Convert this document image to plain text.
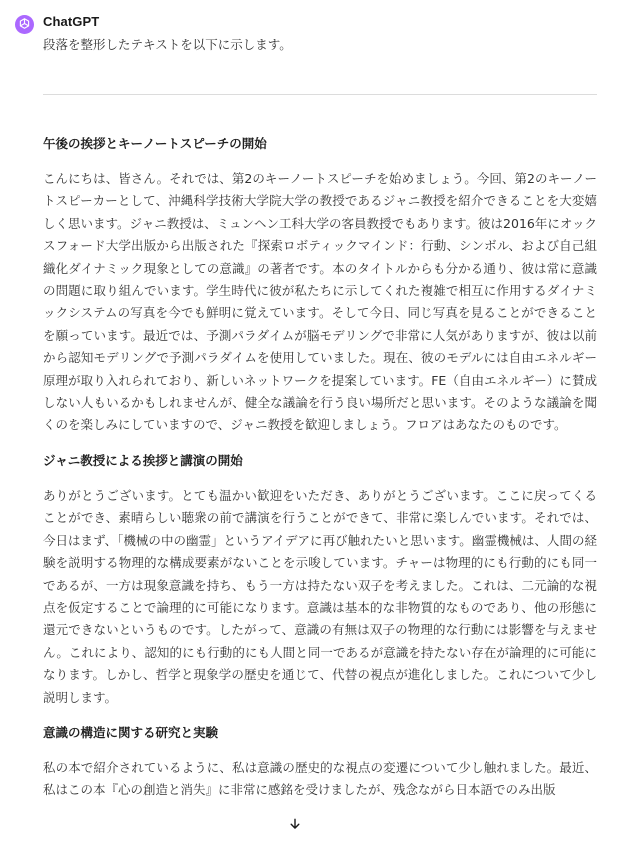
ChatGPT
段落を整形したテキストを以下に示します。
午後の挨拶とキーノートスピーチの開始

こんにちは、皆さん。それでは、第2のキーノートスピーチを始めましょう。今回、第2のキーノートスピーカーとして、沖縄科学技術大学院大学の教授であるジャニ教授を紹介できることを大変嬉しく思います。ジャニ教授は、ミュンヘン工科大学の客員教授でもあります。彼は2016年にオックスフォード大学出版から出版された『探索ロボティックマインド：行動、シンボル、および自己組織化ダイナミック現象としての意識』の著者です。本のタイトルからも分かる通り、彼は常に意識の問題に取り組んでいます。学生時代に彼が私たちに示してくれた複雑で相互に作用するダイナミックシステムの写真を今でも鮮明に覚えています。そして今日、同じ写真を見ることができることを願っています。最近では、予測パラダイムが脳モデリングで非常に人気がありますが、彼は以前から認知モデリングで予測パラダイムを使用していました。現在、彼のモデルには自由エネルギー原理が取り入れられており、新しいネットワークを提案しています。FE（自由エネルギー）に賛成しない人もいるかもしれませんが、健全な議論を行う良い場所だと思います。そのような議論を聞くのを楽しみにしていますので、ジャニ教授を歓迎しましょう。フロアはあなたのものです。

ジャニ教授による挨拶と講演の開始

ありがとうございます。とても温かい歓迎をいただき、ありがとうございます。ここに戻ってくることができ、素晴らしい聴衆の前で講演を行うことができて、非常に楽しんでいます。それでは、今日はまず、「機械の中の幽霊」というアイデアに再び触れたいと思います。幽霊機械は、人間の経験を説明する物理的な構成要素がないことを示唆しています。チャーは物理的にも行動的にも同一であるが、一方は現象意識を持ち、もう一方は持たない双子を考えました。これは、二元論的な視点を仮定することで論理的に可能になります。意識は基本的な非物質的なものであり、他の形態に還元できないというものです。したがって、意識の有無は双子の物理的な行動には影響を与えません。これにより、認知的にも行動的にも人間と同一であるが意識を持たない存在が論理的に可能になります。しかし、哲学と現象学の歴史を通じて、代替の視点が進化しました。これについて少し説明します。

意識の構造に関する研究と実験

私の本で紹介されているように、私は意識の歴史的な視点の変遷について少し触れました。最近、私はこの本『心の創造と消失』に非常に感銘を受けましたが、残念ながら日本語でのみ出版
